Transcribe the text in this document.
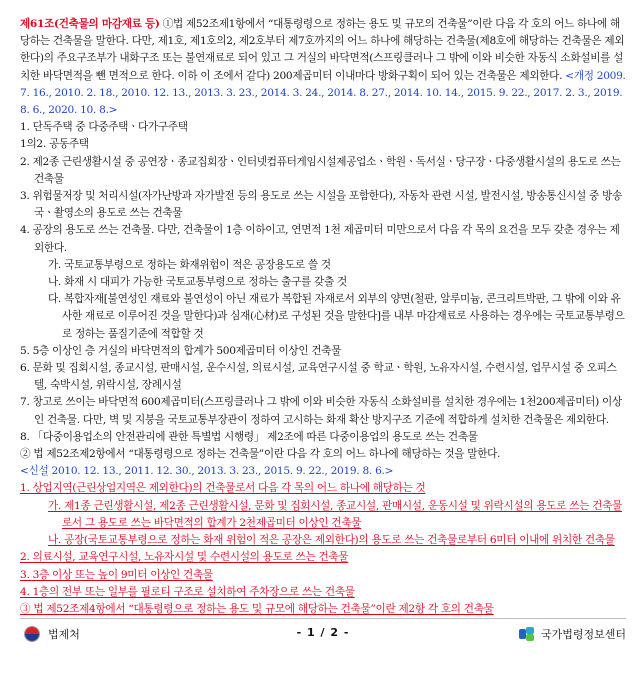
제61조(건축물의 마감재료 등) ①법 제52조제1항에서 “대통령령으로 정하는 용도 및 규모의 건축물”이란 다음 각 호의 어느 하나에 해당하는 건축물을 말한다. 다만, 제1호, 제1호의2, 제2호부터 제7호까지의 어느 하나에 해당하는 건축물(제8호에 해당하는 건축물은 제외한다)의 주요구조부가 내화구조 또는 불연재료로 되어 있고 그 거실의 바닥면적(스프링클러나 그 밖에 이와 비슷한 자동식 소화설비를 설치한 바닥면적을 뺀 면적으로 한다. 이하 이 조에서 같다) 200제곱미터 이내마다 방화구획이 되어 있는 건축물은 제외한다. <개정 2009. 7. 16., 2010. 2. 18., 2010. 12. 13., 2013. 3. 23., 2014. 3. 24., 2014. 8. 27., 2014. 10. 14., 2015. 9. 22., 2017. 2. 3., 2019. 8. 6., 2020. 10. 8.>

1. 단독주택 중 다중주택ㆍ다가구주택

1의2. 공동주택

2. 제2종 근린생활시설 중 공연장ㆍ종교집회장ㆍ인터넷컴퓨터게임시설제공업소ㆍ학원ㆍ독서실ㆍ당구장ㆍ다중생활시설의 용도로 쓰는 건축물

3. 위험물저장 및 처리시설(자가난방과 자가발전 등의 용도로 쓰는 시설을 포함한다), 자동차 관련 시설, 발전시설, 방송통신시설 중 방송국ㆍ촬영소의 용도로 쓰는 건축물

4. 공장의 용도로 쓰는 건축물. 다만, 건축물이 1층 이하이고, 연면적 1천 제곱미터 미만으로서 다음 각 목의 요건을 모두 갖춘 경우는 제외한다.

가. 국토교통부령으로 정하는 화재위험이 적은 공장용도로 쓸 것

나. 화재 시 대피가 가능한 국토교통부령으로 정하는 출구를 갖출 것

다. 복합자재[불연성인 재료와 불연성이 아닌 재료가 복합된 자재로서 외부의 양면(철판, 알루미늄, 콘크리트박판, 그 밖에 이와 유사한 재료로 이루어진 것을 말한다)과 심재(心材)로 구성된 것을 말한다]를 내부 마감재료로 사용하는 경우에는 국토교통부령으로 정하는 품질기준에 적합할 것

5. 5층 이상인 층 거실의 바닥면적의 합계가 500제곱미터 이상인 건축물

6. 문화 및 집회시설, 종교시설, 판매시설, 운수시설, 의료시설, 교육연구시설 중 학교ㆍ학원, 노유자시설, 수련시설, 업무시설 중 오피스텔, 숙박시설, 위락시설, 장례시설

7. 창고로 쓰이는 바닥면적 600제곱미터(스프링클러나 그 밖에 이와 비슷한 자동식 소화설비를 설치한 경우에는 1천200제곱미터) 이상인 건축물. 다만, 벽 및 지붕을 국토교통부장관이 정하여 고시하는 화재 확산 방지구조 기준에 적합하게 설치한 건축물은 제외한다.

8. 「다중이용업소의 안전관리에 관한 특별법 시행령」 제2조에 따른 다중이용업의 용도로 쓰는 건축물

② 법 제52조제2항에서 “대통령령으로 정하는 건축물”이란 다음 각 호의 어느 하나에 해당하는 것을 말한다.

<신설 2010. 12. 13., 2011. 12. 30., 2013. 3. 23., 2015. 9. 22., 2019. 8. 6.>

1. 상업지역(근린상업지역은 제외한다)의 건축물로서 다음 각 목의 어느 하나에 해당하는 것

가. 제1종 근린생활시설, 제2종 근린생활시설, 문화 및 집회시설, 종교시설, 판매시설, 운동시설 및 위락시설의 용도로 쓰는 건축물로서 그 용도로 쓰는 바닥면적의 합계가 2천제곱미터 이상인 건축물

나. 공장(국토교통부령으로 정하는 화재 위험이 적은 공장은 제외한다)의 용도로 쓰는 건축물로부터 6미터 이내에 위치한 건축물

2. 의료시설, 교육연구시설, 노유자시설 및 수련시설의 용도로 쓰는 건축물

3. 3층 이상 또는 높이 9미터 이상인 건축물

4. 1층의 전부 또는 일부를 필로티 구조로 설치하여 주차장으로 쓰는 건축물

③ 법 제52조제4항에서 “대통령령으로 정하는 용도 및 규모에 해당하는 건축물”이란 제2항 각 호의 건축물

법제처	- 1 / 2 -	국가법령정보센터
